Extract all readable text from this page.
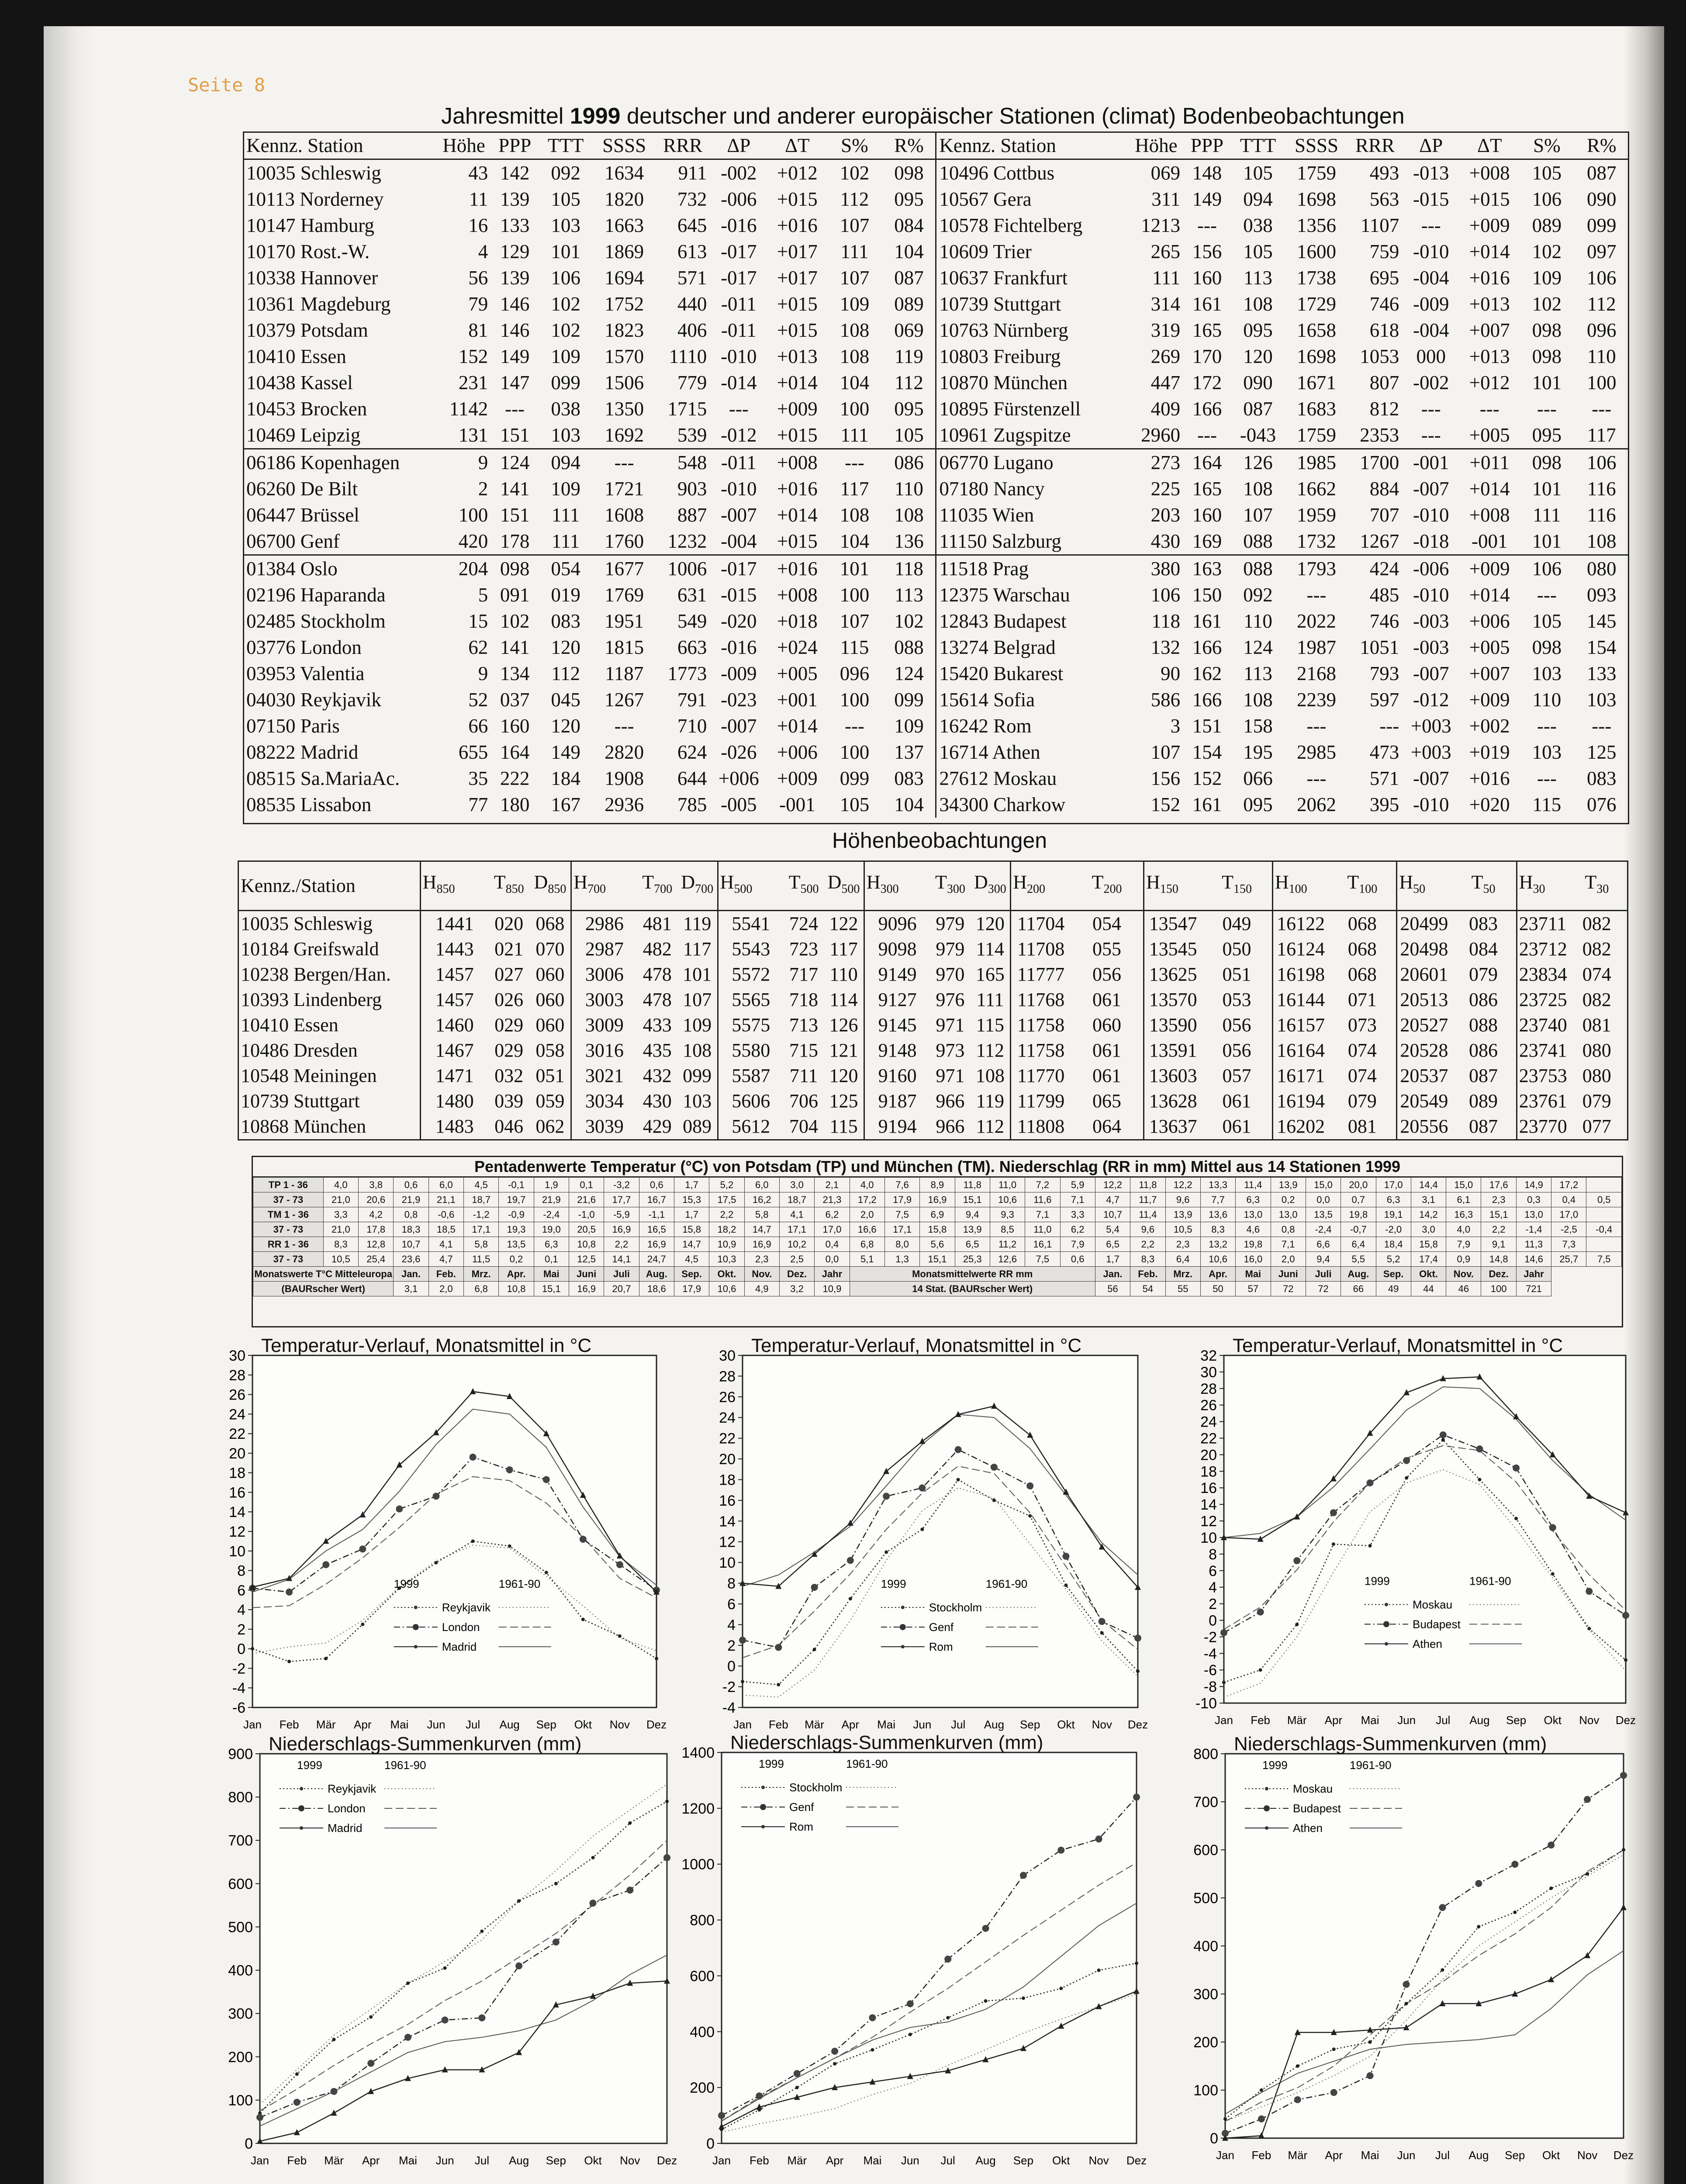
Seite 8
Jahresmittel 1999 deutscher und anderer europäischer Stationen (climat) Bodenbeobachtungen
Kennz. Station	Höhe	PPP	TTT	SSSS	RRR	ΔP	ΔT	S%	R%	Kennz. Station	Höhe	PPP	TTT	SSSS	RRR	ΔP	ΔT	S%	R%
10035 Schleswig	43	142	092	1634	911	-002	+012	102	098	10496 Cottbus	069	148	105	1759	493	-013	+008	105	087
10113 Norderney	11	139	105	1820	732	-006	+015	112	095	10567 Gera	311	149	094	1698	563	-015	+015	106	090
10147 Hamburg	16	133	103	1663	645	-016	+016	107	084	10578 Fichtelberg	1213	---	038	1356	1107	---	+009	089	099
10170 Rost.-W.	4	129	101	1869	613	-017	+017	111	104	10609 Trier	265	156	105	1600	759	-010	+014	102	097
10338 Hannover	56	139	106	1694	571	-017	+017	107	087	10637 Frankfurt	111	160	113	1738	695	-004	+016	109	106
10361 Magdeburg	79	146	102	1752	440	-011	+015	109	089	10739 Stuttgart	314	161	108	1729	746	-009	+013	102	112
10379 Potsdam	81	146	102	1823	406	-011	+015	108	069	10763 Nürnberg	319	165	095	1658	618	-004	+007	098	096
10410 Essen	152	149	109	1570	1110	-010	+013	108	119	10803 Freiburg	269	170	120	1698	1053	000	+013	098	110
10438 Kassel	231	147	099	1506	779	-014	+014	104	112	10870 München	447	172	090	1671	807	-002	+012	101	100
10453 Brocken	1142	---	038	1350	1715	---	+009	100	095	10895 Fürstenzell	409	166	087	1683	812	---	---	---	---
10469 Leipzig	131	151	103	1692	539	-012	+015	111	105	10961 Zugspitze	2960	---	-043	1759	2353	---	+005	095	117
06186 Kopenhagen	9	124	094	---	548	-011	+008	---	086	06770 Lugano	273	164	126	1985	1700	-001	+011	098	106
06260 De Bilt	2	141	109	1721	903	-010	+016	117	110	07180 Nancy	225	165	108	1662	884	-007	+014	101	116
06447 Brüssel	100	151	111	1608	887	-007	+014	108	108	11035 Wien	203	160	107	1959	707	-010	+008	111	116
06700 Genf	420	178	111	1760	1232	-004	+015	104	136	11150 Salzburg	430	169	088	1732	1267	-018	-001	101	108
01384 Oslo	204	098	054	1677	1006	-017	+016	101	118	11518 Prag	380	163	088	1793	424	-006	+009	106	080
02196 Haparanda	5	091	019	1769	631	-015	+008	100	113	12375 Warschau	106	150	092	---	485	-010	+014	---	093
02485 Stockholm	15	102	083	1951	549	-020	+018	107	102	12843 Budapest	118	161	110	2022	746	-003	+006	105	145
03776 London	62	141	120	1815	663	-016	+024	115	088	13274 Belgrad	132	166	124	1987	1051	-003	+005	098	154
03953 Valentia	9	134	112	1187	1773	-009	+005	096	124	15420 Bukarest	90	162	113	2168	793	-007	+007	103	133
04030 Reykjavik	52	037	045	1267	791	-023	+001	100	099	15614 Sofia	586	166	108	2239	597	-012	+009	110	103
07150 Paris	66	160	120	---	710	-007	+014	---	109	16242 Rom	3	151	158	---	---	+003	+002	---	---
08222 Madrid	655	164	149	2820	624	-026	+006	100	137	16714 Athen	107	154	195	2985	473	+003	+019	103	125
08515 Sa.MariaAc.	35	222	184	1908	644	+006	+009	099	083	27612 Moskau	156	152	066	---	571	-007	+016	---	083
08535 Lissabon	77	180	167	2936	785	-005	-001	105	104	34300 Charkow	152	161	095	2062	395	-010	+020	115	076
Höhenbeobachtungen
Kennz./Station	$H_{850}$	$T_{850}$	$D_{850}$	$H_{700}$	$T_{700}$	$D_{700}$	$H_{500}$	$T_{500}$	$D_{500}$	$H_{300}$	$T_{300}$	$D_{300}$	$H_{200}$	$T_{200}$	$H_{150}$	$T_{150}$	$H_{100}$	$T_{100}$	$H_{50}$	$T_{50}$	$H_{30}$	$T_{30}$
10035 Schleswig	1441	020	068	2986	481	119	5541	724	122	9096	979	120	11704	054	13547	049	16122	068	20499	083	23711	082
10184 Greifswald	1443	021	070	2987	482	117	5543	723	117	9098	979	114	11708	055	13545	050	16124	068	20498	084	23712	082
10238 Bergen/Han.	1457	027	060	3006	478	101	5572	717	110	9149	970	165	11777	056	13625	051	16198	068	20601	079	23834	074
10393 Lindenberg	1457	026	060	3003	478	107	5565	718	114	9127	976	111	11768	061	13570	053	16144	071	20513	086	23725	082
10410 Essen	1460	029	060	3009	433	109	5575	713	126	9145	971	115	11758	060	13590	056	16157	073	20527	088	23740	081
10486 Dresden	1467	029	058	3016	435	108	5580	715	121	9148	973	112	11758	061	13591	056	16164	074	20528	086	23741	080
10548 Meiningen	1471	032	051	3021	432	099	5587	711	120	9160	971	108	11770	061	13603	057	16171	074	20537	087	23753	080
10739 Stuttgart	1480	039	059	3034	430	103	5606	706	125	9187	966	119	11799	065	13628	061	16194	079	20549	089	23761	079
10868 München	1483	046	062	3039	429	089	5612	704	115	9194	966	112	11808	064	13637	061	16202	081	20556	087	23770	077
Pentadenwerte Temperatur (°C) von Potsdam (TP) und München (TM). Niederschlag (RR in mm) Mittel aus 14 Stationen 1999
TP 1 - 36	4,0	3,8	0,6	6,0	4,5	-0,1	1,9	0,1	-3,2	0,6	1,7	5,2	6,0	3,0	2,1	4,0	7,6	8,9	11,8	11,0	7,2	5,9	12,2	11,8	12,2	13,3	11,4	13,9	15,0	20,0	17,0	14,4	15,0	17,6	14,9	17,2	
37 - 73	21,0	20,6	21,9	21,1	18,7	19,7	21,9	21,6	17,7	16,7	15,3	17,5	16,2	18,7	21,3	17,2	17,9	16,9	15,1	10,6	11,6	7,1	4,7	11,7	9,6	7,7	6,3	0,2	0,0	0,7	6,3	3,1	6,1	2,3	0,3	0,4	0,5
TM 1 - 36	3,3	4,2	0,8	-0,6	-1,2	-0,9	-2,4	-1,0	-5,9	-1,1	1,7	2,2	5,8	4,1	6,2	2,0	7,5	6,9	9,4	9,3	7,1	3,3	10,7	11,4	13,9	13,6	13,0	13,0	13,5	19,8	19,1	14,2	16,3	15,1	13,0	17,0	
37 - 73	21,0	17,8	18,3	18,5	17,1	19,3	19,0	20,5	16,9	16,5	15,8	18,2	14,7	17,1	17,0	16,6	17,1	15,8	13,9	8,5	11,0	6,2	5,4	9,6	10,5	8,3	4,6	0,8	-2,4	-0,7	-2,0	3,0	4,0	2,2	-1,4	-2,5	-0,4
RR 1 - 36	8,3	12,8	10,7	4,1	5,8	13,5	6,3	10,8	2,2	16,9	14,7	10,9	16,9	10,2	0,4	6,8	8,0	5,6	6,5	11,2	16,1	7,9	6,5	2,2	2,3	13,2	19,8	7,1	6,6	6,4	18,4	15,8	7,9	9,1	11,3	7,3	
37 - 73	10,5	25,4	23,6	4,7	11,5	0,2	0,1	12,5	14,1	24,7	4,5	10,3	2,3	2,5	0,0	5,1	1,3	15,1	25,3	12,6	7,5	0,6	1,7	8,3	6,4	10,6	16,0	2,0	9,4	5,5	5,2	17,4	0,9	14,8	14,6	25,7	7,5
Monatswerte T°C Mitteleuropa			Jan.	Feb.	Mrz.	Apr.	Mai	Juni	Juli	Aug.	Sep.	Okt.	Nov.	Dez.	Jahr	Monatsmittelwerte RR mm							Jan.	Feb.	Mrz.	Apr.	Mai	Juni	Juli	Aug.	Sep.	Okt.	Nov.	Dez.	Jahr		
(BAURscher Wert)			3,1	2,0	6,8	10,8	15,1	16,9	20,7	18,6	17,9	10,6	4,9	3,2	10,9	14 Stat. (BAURscher Wert)							56	54	55	50	57	72	72	66	49	44	46	100	721		
Temperatur-Verlauf, Monatsmittel in °C
-6
-4
-2
0
2
4
6
8
10
12
14
16
18
20
22
24
26
28
30
Jan Feb Mär Apr Mai Jun Jul Aug Sep Okt Nov Dez
1999	1961-90
Reykjavik
London
Madrid
Temperatur-Verlauf, Monatsmittel in °C
-4
-2
0
2
4
6
8
10
12
14
16
18
20
22
24
26
28
30
Jan Feb Mär Apr Mai Jun Jul Aug Sep Okt Nov Dez
1999	1961-90
Stockholm
Genf
Rom
Temperatur-Verlauf, Monatsmittel in °C
-10
-8
-6
-4
-2
0
2
4
6
8
10
12
14
16
18
20
22
24
26
28
30
32
Jan Feb Mär Apr Mai Jun Jul Aug Sep Okt Nov Dez
1999	1961-90
Moskau
Budapest
Athen
Niederschlags-Summenkurven (mm)
0
100
200
300
400
500
600
700
800
900
Jan Feb Mär Apr Mai Jun Jul Aug Sep Okt Nov Dez
1999	1961-90
Reykjavik
London
Madrid
Niederschlags-Summenkurven (mm)
0
200
400
600
800
1000
1200
1400
Jan Feb Mär Apr Mai Jun Jul Aug Sep Okt Nov Dez
1999	1961-90
Stockholm
Genf
Rom
Niederschlags-Summenkurven (mm)
0
100
200
300
400
500
600
700
800
Jan Feb Mär Apr Mai Jun Jul Aug Sep Okt Nov Dez
1999	1961-90
Moskau
Budapest
Athen
